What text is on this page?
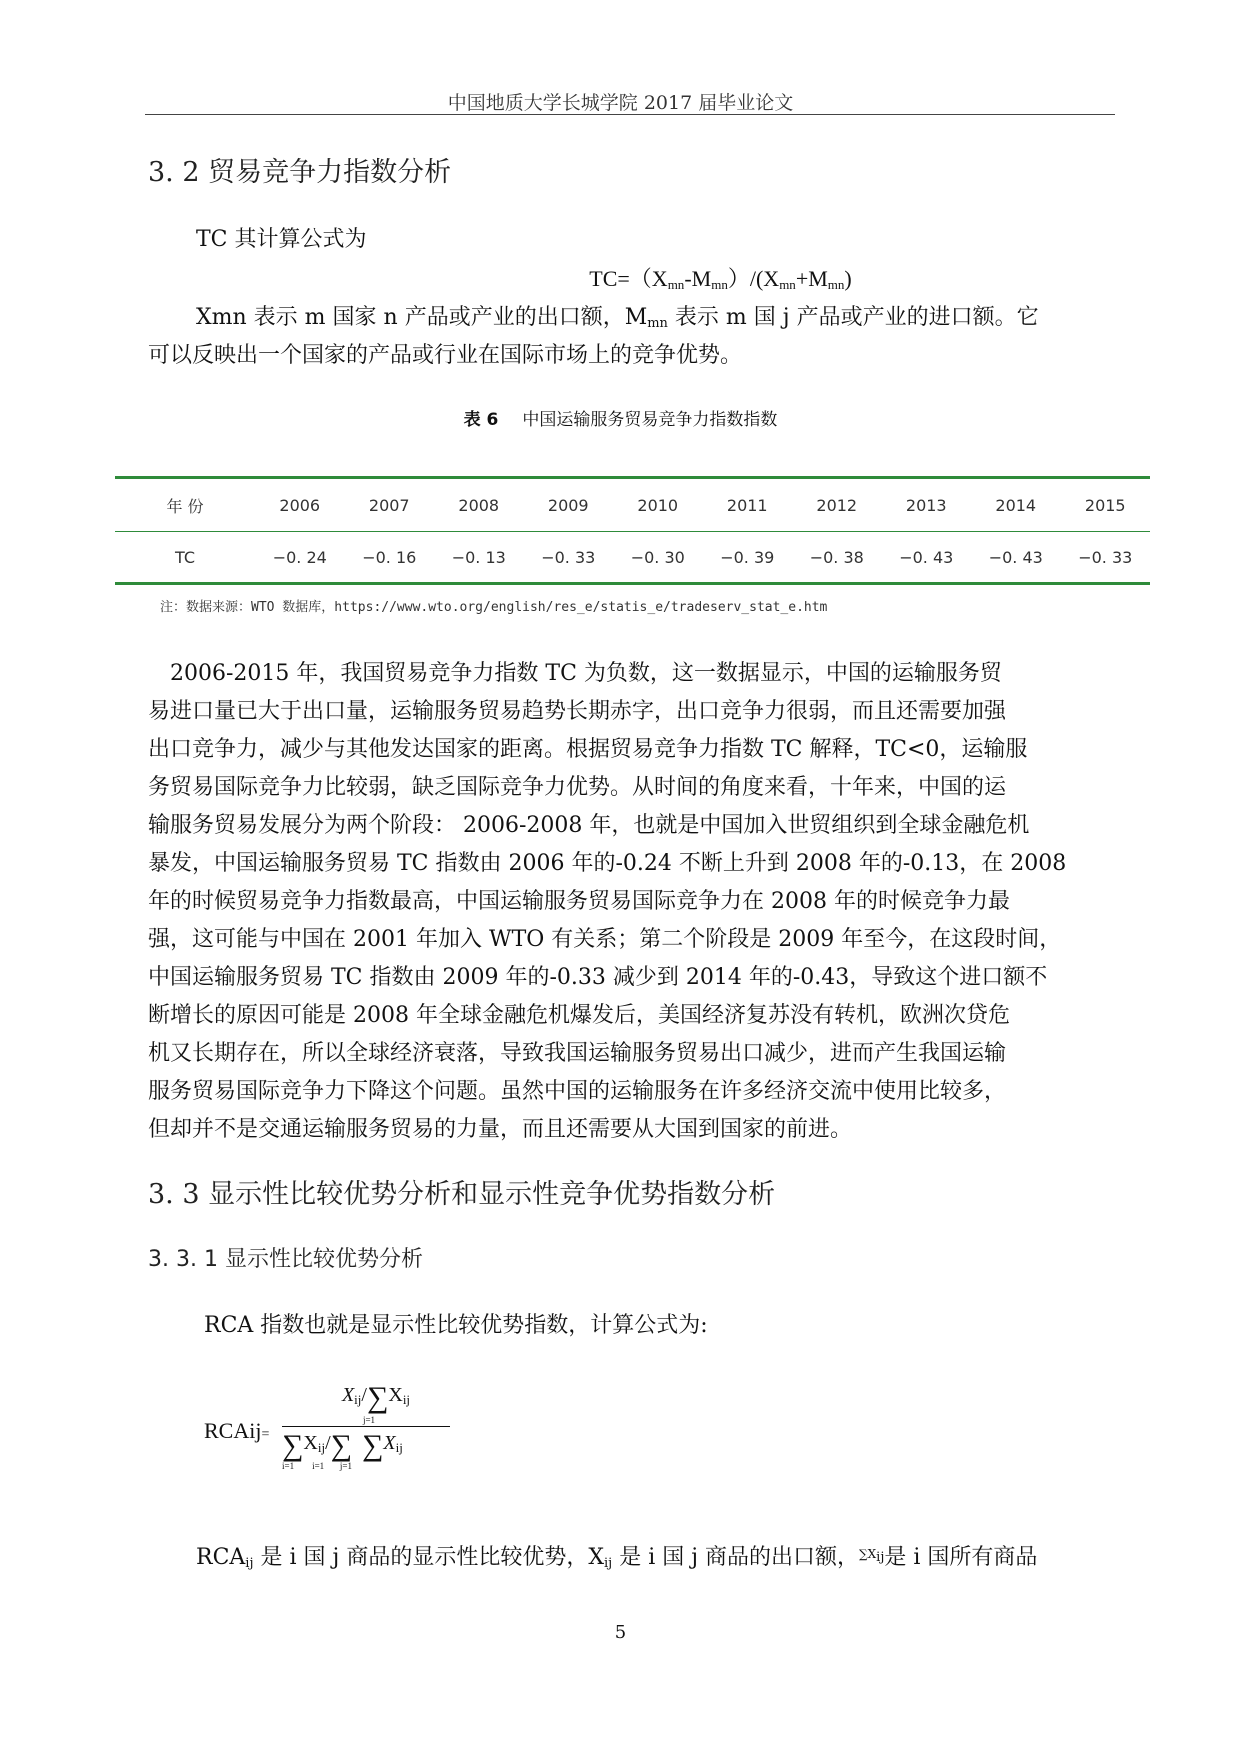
中国地质大学长城学院 2017 届毕业论文
3. 2 贸易竞争力指数分析
TC 其计算公式为
$TC=(X_{mn}-M_{mn})/(X_{mn}+M_{mn})$
Xmn 表示 m 国家 n 产品或产业的出口额，$M_{mn}$ 表示 m 国 j 产品或产业的进口额。它
可以反映出一个国家的产品或行业在国际市场上的竞争优势。
表 6 中国运输服务贸易竞争力指数指数
年 份	2006	2007	2008	2009	2010	2011	2012	2013	2014	2015
TC	−0. 24	−0. 16	−0. 13	−0. 33	−0. 30	−0. 39	−0. 38	−0. 43	−0. 43	−0. 33
注：数据来源：WTO 数据库，https://www.wto.org/english/res_e/statis_e/tradeserv_stat_e.htm
　2006-2015 年，我国贸易竞争力指数 TC 为负数，这一数据显示，中国的运输服务贸
易进口量已大于出口量，运输服务贸易趋势长期赤字，出口竞争力很弱，而且还需要加强
出口竞争力，减少与其他发达国家的距离。根据贸易竞争力指数 TC 解释，TC<0，运输服
务贸易国际竞争力比较弱，缺乏国际竞争力优势。从时间的角度来看，十年来，中国的运
输服务贸易发展分为两个阶段： 2006-2008 年，也就是中国加入世贸组织到全球金融危机
暴发，中国运输服务贸易 TC 指数由 2006 年的-0.24 不断上升到 2008 年的-0.13，在 2008
年的时候贸易竞争力指数最高，中国运输服务贸易国际竞争力在 2008 年的时候竞争力最
强，这可能与中国在 2001 年加入 WTO 有关系；第二个阶段是 2009 年至今，在这段时间，
中国运输服务贸易 TC 指数由 2009 年的-0.33 减少到 2014 年的-0.43，导致这个进口额不
断增长的原因可能是 2008 年全球金融危机爆发后，美国经济复苏没有转机，欧洲次贷危
机又长期存在，所以全球经济衰落，导致我国运输服务贸易出口减少，进而产生我国运输
服务贸易国际竞争力下降这个问题。虽然中国的运输服务在许多经济交流中使用比较多，
但却并不是交通运输服务贸易的力量，而且还需要从大国到国家的前进。
3. 3 显示性比较优势分析和显示性竞争优势指数分析
3. 3. 1 显示性比较优势分析
RCA 指数也就是显示性比较优势指数，计算公式为:
RCAij=
$X_{ij}/\sum X_{ij}$
j=1
$\sum X_{ij}/\sum$ $\sum X_{ij}$
i=1 i=1 j=1
$RCA_{ij}$ 是 i 国 j 商品的显示性比较优势，$X_{ij}$ 是 i 国 j 商品的出口额，$^{\sum X_{ij}}$是 i 国所有商品
5
